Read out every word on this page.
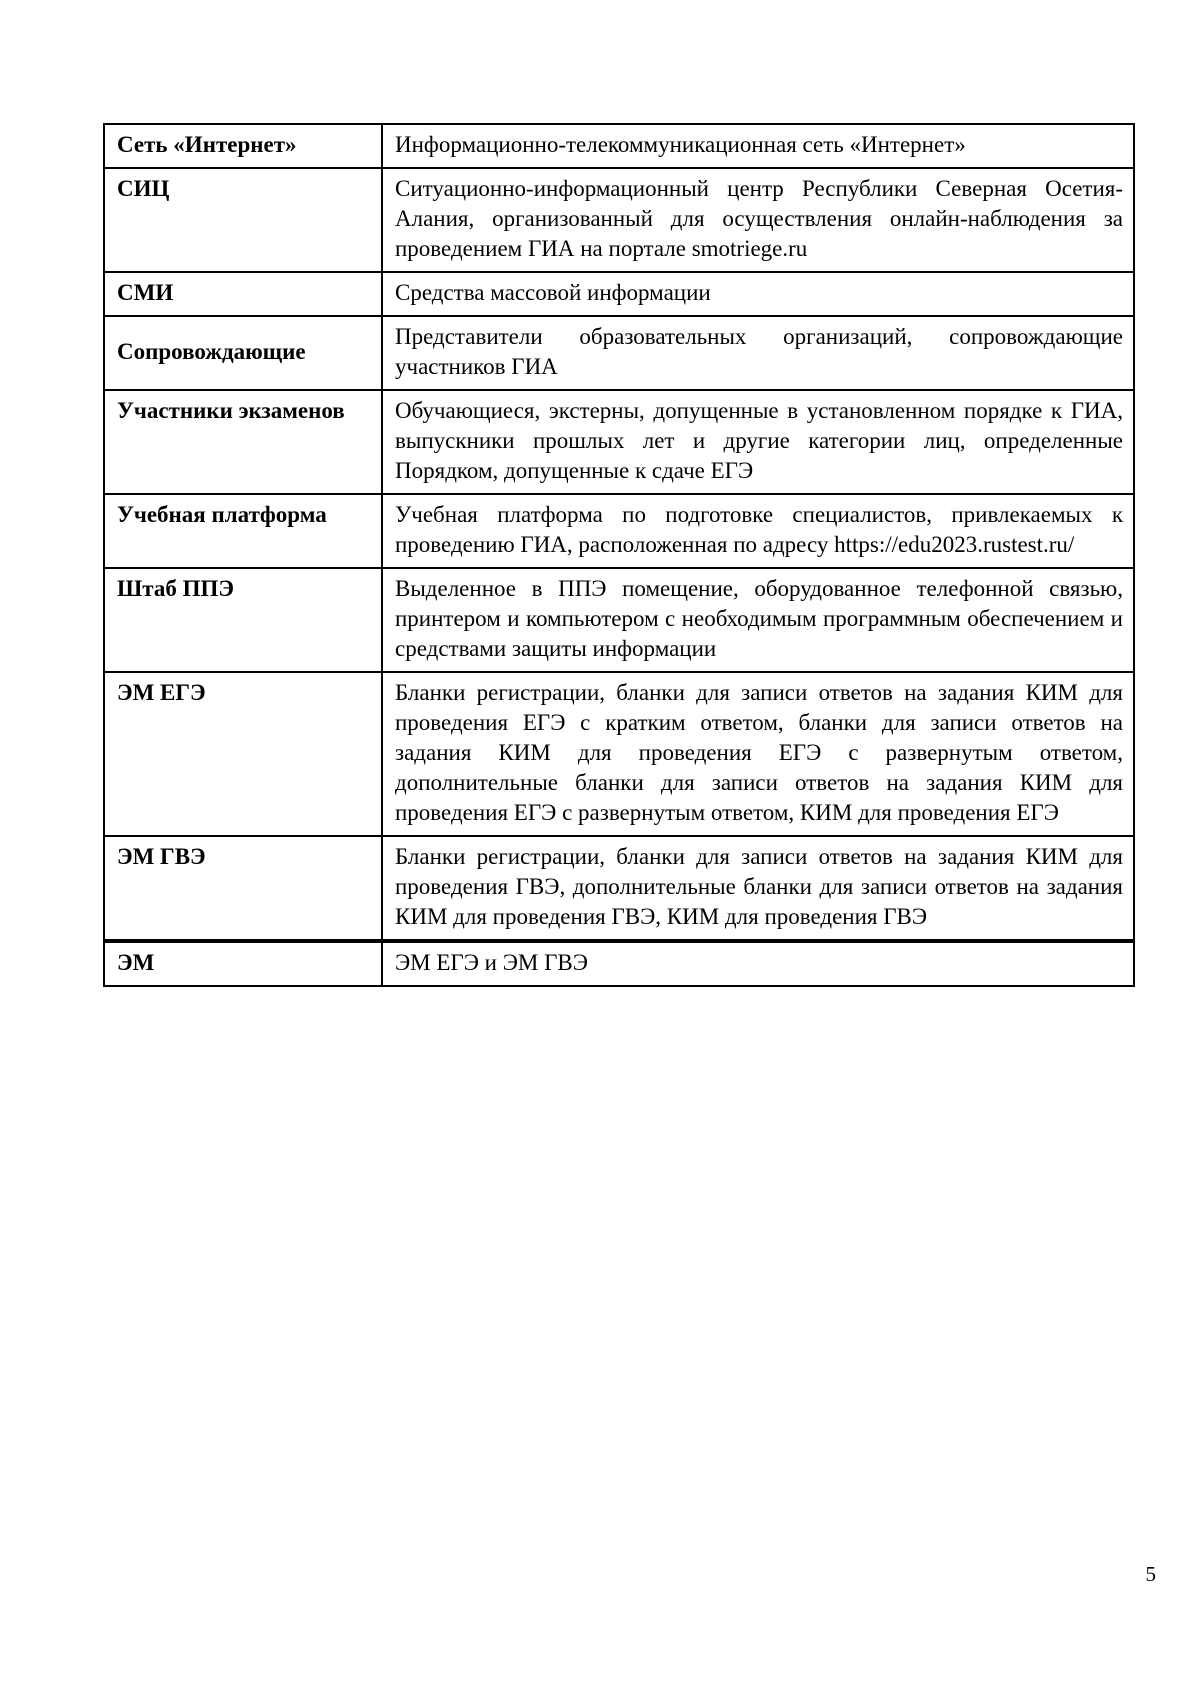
Сеть «Интернет»	Информационно-телекоммуникационная сеть «Интернет»
СИЦ	Ситуационно-информационный центр Республики Северная Осетия-Алания, организованный для осуществления онлайн-наблюдения за проведением ГИА на портале smotriege.ru
СМИ	Средства массовой информации
Сопровождающие	Представители образовательных организаций, сопровождающие участников ГИА
Участники экзаменов	Обучающиеся, экстерны, допущенные в установленном порядке к ГИА, выпускники прошлых лет и другие категории лиц, определенные Порядком, допущенные к сдаче ЕГЭ
Учебная платформа	Учебная платформа по подготовке специалистов, привлекаемых к проведению ГИА, расположенная по адресу https://edu2023.rustest.ru/
Штаб ППЭ	Выделенное в ППЭ помещение, оборудованное телефонной связью, принтером и компьютером с необходимым программным обеспечением и средствами защиты информации
ЭМ ЕГЭ	Бланки регистрации, бланки для записи ответов на задания КИМ для проведения ЕГЭ с кратким ответом, бланки для записи ответов на задания КИМ для проведения ЕГЭ с развернутым ответом, дополнительные бланки для записи ответов на задания КИМ для проведения ЕГЭ с развернутым ответом, КИМ для проведения ЕГЭ
ЭМ ГВЭ	Бланки регистрации, бланки для записи ответов на задания КИМ для проведения ГВЭ, дополнительные бланки для записи ответов на задания КИМ для проведения ГВЭ, КИМ для проведения ГВЭ
ЭМ	ЭМ ЕГЭ и ЭМ ГВЭ
5
